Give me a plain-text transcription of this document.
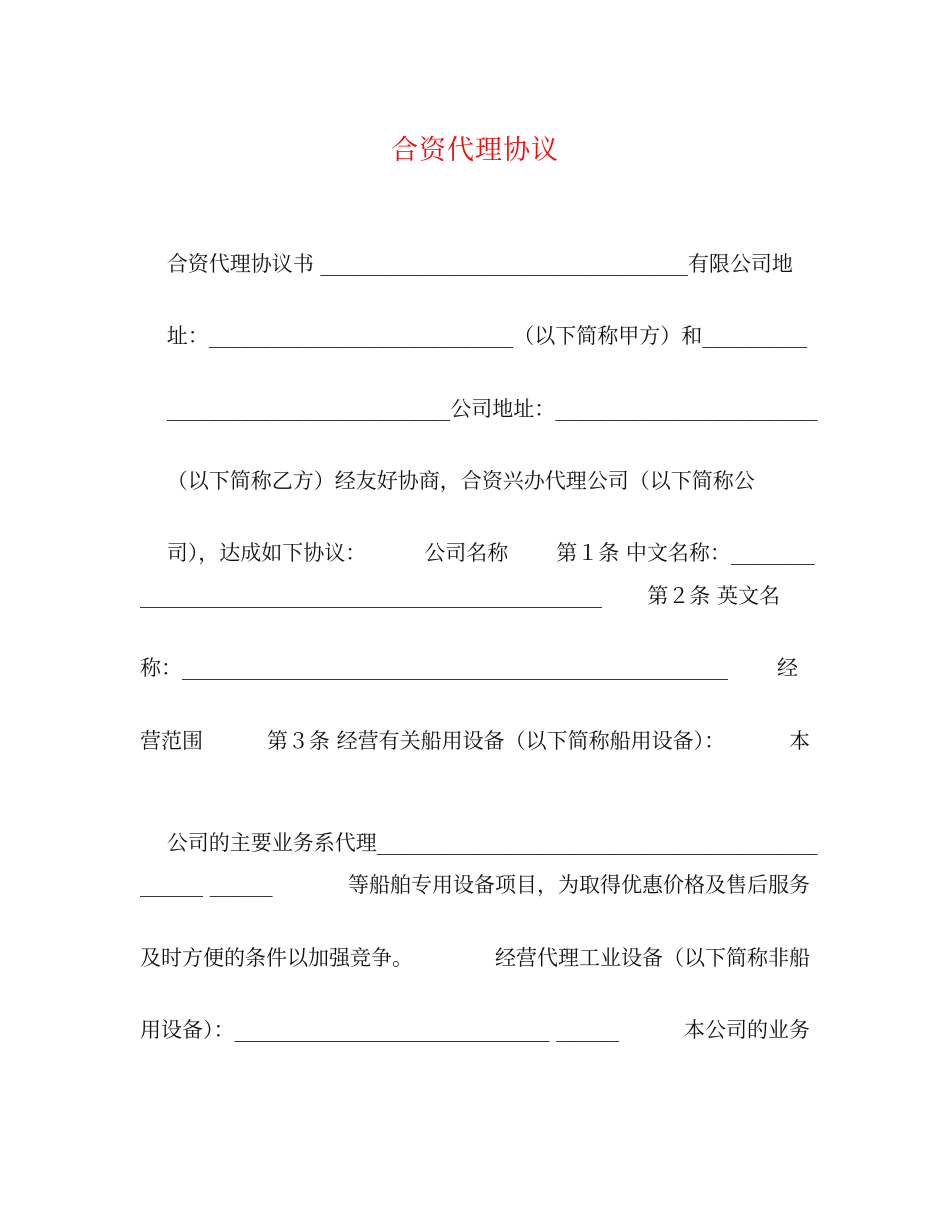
合资代理协议

合资代理协议书 ___________________________________有限公司地

址：_____________________________（以下简称甲方）和__________

___________________________公司地址：_________________________

（以下简称乙方）经友好协商，合资兴办代理公司（以下简称公

司），达成如下协议：	公司名称 第１条 中文名称：________

____________________________________________ 第２条 英文名
称：____________________________________________________ 经
营范围	第３条 经营有关船用设备（以下简称船用设备）：	本

公司的主要业务系代理__________________________________________

______ ______	等船舶专用设备项目，为取得优惠价格及售后服务
及时方便的条件以加强竞争。	经营代理工业设备（以下简称非船
用设备）：______________________________ ______	本公司的业务
